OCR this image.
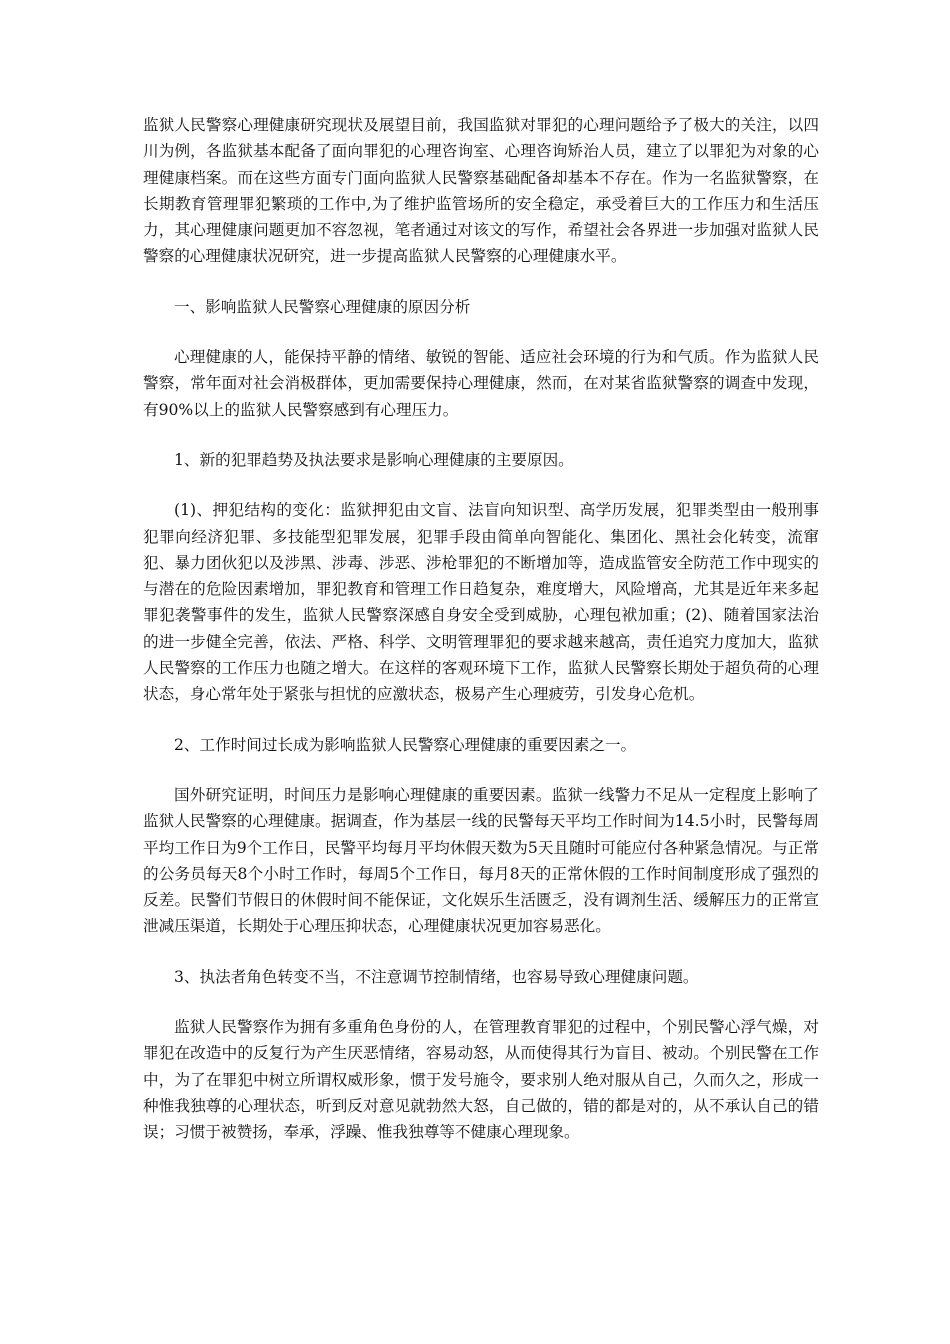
监狱人民警察心理健康研究现状及展望目前，我国监狱对罪犯的心理问题给予了极大的关注，以四川为例，各监狱基本配备了面向罪犯的心理咨询室、心理咨询矫治人员，建立了以罪犯为对象的心理健康档案。而在这些方面专门面向监狱人民警察基础配备却基本不存在。作为一名监狱警察，在长期教育管理罪犯繁琐的工作中,为了维护监管场所的安全稳定，承受着巨大的工作压力和生活压力，其心理健康问题更加不容忽视，笔者通过对该文的写作，希望社会各界进一步加强对监狱人民警察的心理健康状况研究，进一步提高监狱人民警察的心理健康水平。

一、影响监狱人民警察心理健康的原因分析

心理健康的人，能保持平静的情绪、敏锐的智能、适应社会环境的行为和气质。作为监狱人民警察，常年面对社会消极群体，更加需要保持心理健康，然而，在对某省监狱警察的调查中发现，有90%以上的监狱人民警察感到有心理压力。

1、新的犯罪趋势及执法要求是影响心理健康的主要原因。

(1)、押犯结构的变化：监狱押犯由文盲、法盲向知识型、高学历发展，犯罪类型由一般刑事犯罪向经济犯罪、多技能型犯罪发展，犯罪手段由简单向智能化、集团化、黑社会化转变，流窜犯、暴力团伙犯以及涉黑、涉毒、涉恶、涉枪罪犯的不断增加等，造成监管安全防范工作中现实的与潜在的危险因素增加，罪犯教育和管理工作日趋复杂，难度增大，风险增高，尤其是近年来多起罪犯袭警事件的发生，监狱人民警察深感自身安全受到威胁，心理包袱加重；(2)、随着国家法治的进一步健全完善，依法、严格、科学、文明管理罪犯的要求越来越高，责任追究力度加大，监狱人民警察的工作压力也随之增大。在这样的客观环境下工作，监狱人民警察长期处于超负荷的心理状态，身心常年处于紧张与担忧的应激状态，极易产生心理疲劳，引发身心危机。

2、工作时间过长成为影响监狱人民警察心理健康的重要因素之一。

国外研究证明，时间压力是影响心理健康的重要因素。监狱一线警力不足从一定程度上影响了监狱人民警察的心理健康。据调查，作为基层一线的民警每天平均工作时间为14.5小时，民警每周平均工作日为9个工作日，民警平均每月平均休假天数为5天且随时可能应付各种紧急情况。与正常的公务员每天8个小时工作时，每周5个工作日，每月8天的正常休假的工作时间制度形成了强烈的反差。民警们节假日的休假时间不能保证，文化娱乐生活匮乏，没有调剂生活、缓解压力的正常宣泄减压渠道，长期处于心理压抑状态，心理健康状况更加容易恶化。

3、执法者角色转变不当，不注意调节控制情绪，也容易导致心理健康问题。

监狱人民警察作为拥有多重角色身份的人，在管理教育罪犯的过程中，个别民警心浮气燥，对罪犯在改造中的反复行为产生厌恶情绪，容易动怒，从而使得其行为盲目、被动。个别民警在工作中，为了在罪犯中树立所谓权威形象，惯于发号施令，要求别人绝对服从自己，久而久之，形成一种惟我独尊的心理状态，听到反对意见就勃然大怒，自己做的，错的都是对的，从不承认自己的错误；习惯于被赞扬，奉承，浮躁、惟我独尊等不健康心理现象。
